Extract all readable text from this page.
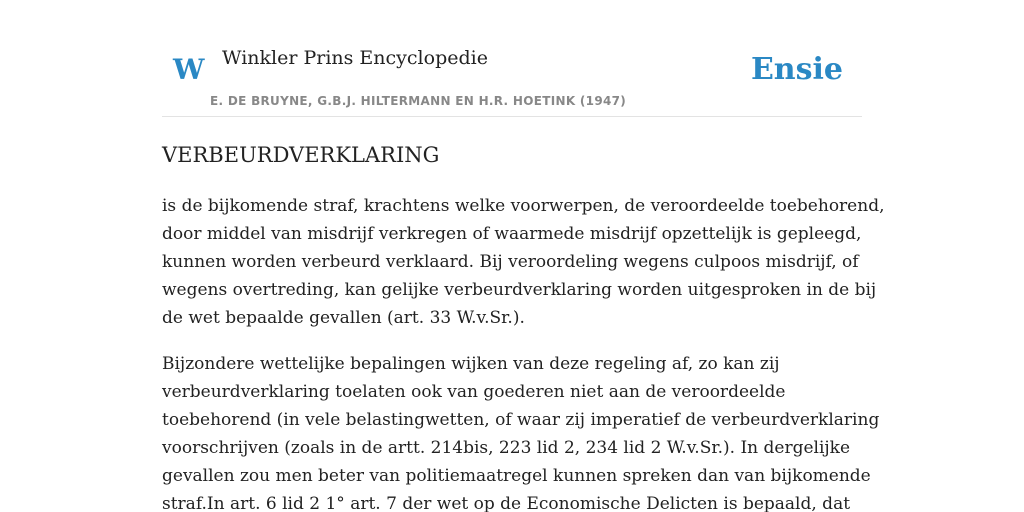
W Winkler Prins Encyclopedie	Ensie
E. DE BRUYNE, G.B.J. HILTERMANN EN H.R. HOETINK (1947)
VERBEURDVERKLARING
is de bijkomende straf, krachtens welke voorwerpen, de veroordeelde toebehorend,
door middel van misdrijf verkregen of waarmede misdrijf opzettelijk is gepleegd,
kunnen worden verbeurd verklaard. Bij veroordeling wegens culpoos misdrijf, of
wegens overtreding, kan gelijke verbeurdverklaring worden uitgesproken in de bij
de wet bepaalde gevallen (art. 33 W.v.Sr.).
Bijzondere wettelijke bepalingen wijken van deze regeling af, zo kan zij
verbeurdverklaring toelaten ook van goederen niet aan de veroordeelde
toebehorend (in vele belastingwetten, of waar zij imperatief de verbeurdverklaring
voorschrijven (zoals in de artt. 214bis, 223 lid 2, 234 lid 2 W.v.Sr.). In dergelijke
gevallen zou men beter van politiemaatregel kunnen spreken dan van bijkomende
straf.In art. 6 lid 2 1° art. 7 der wet op de Economische Delicten is bepaald, dat
